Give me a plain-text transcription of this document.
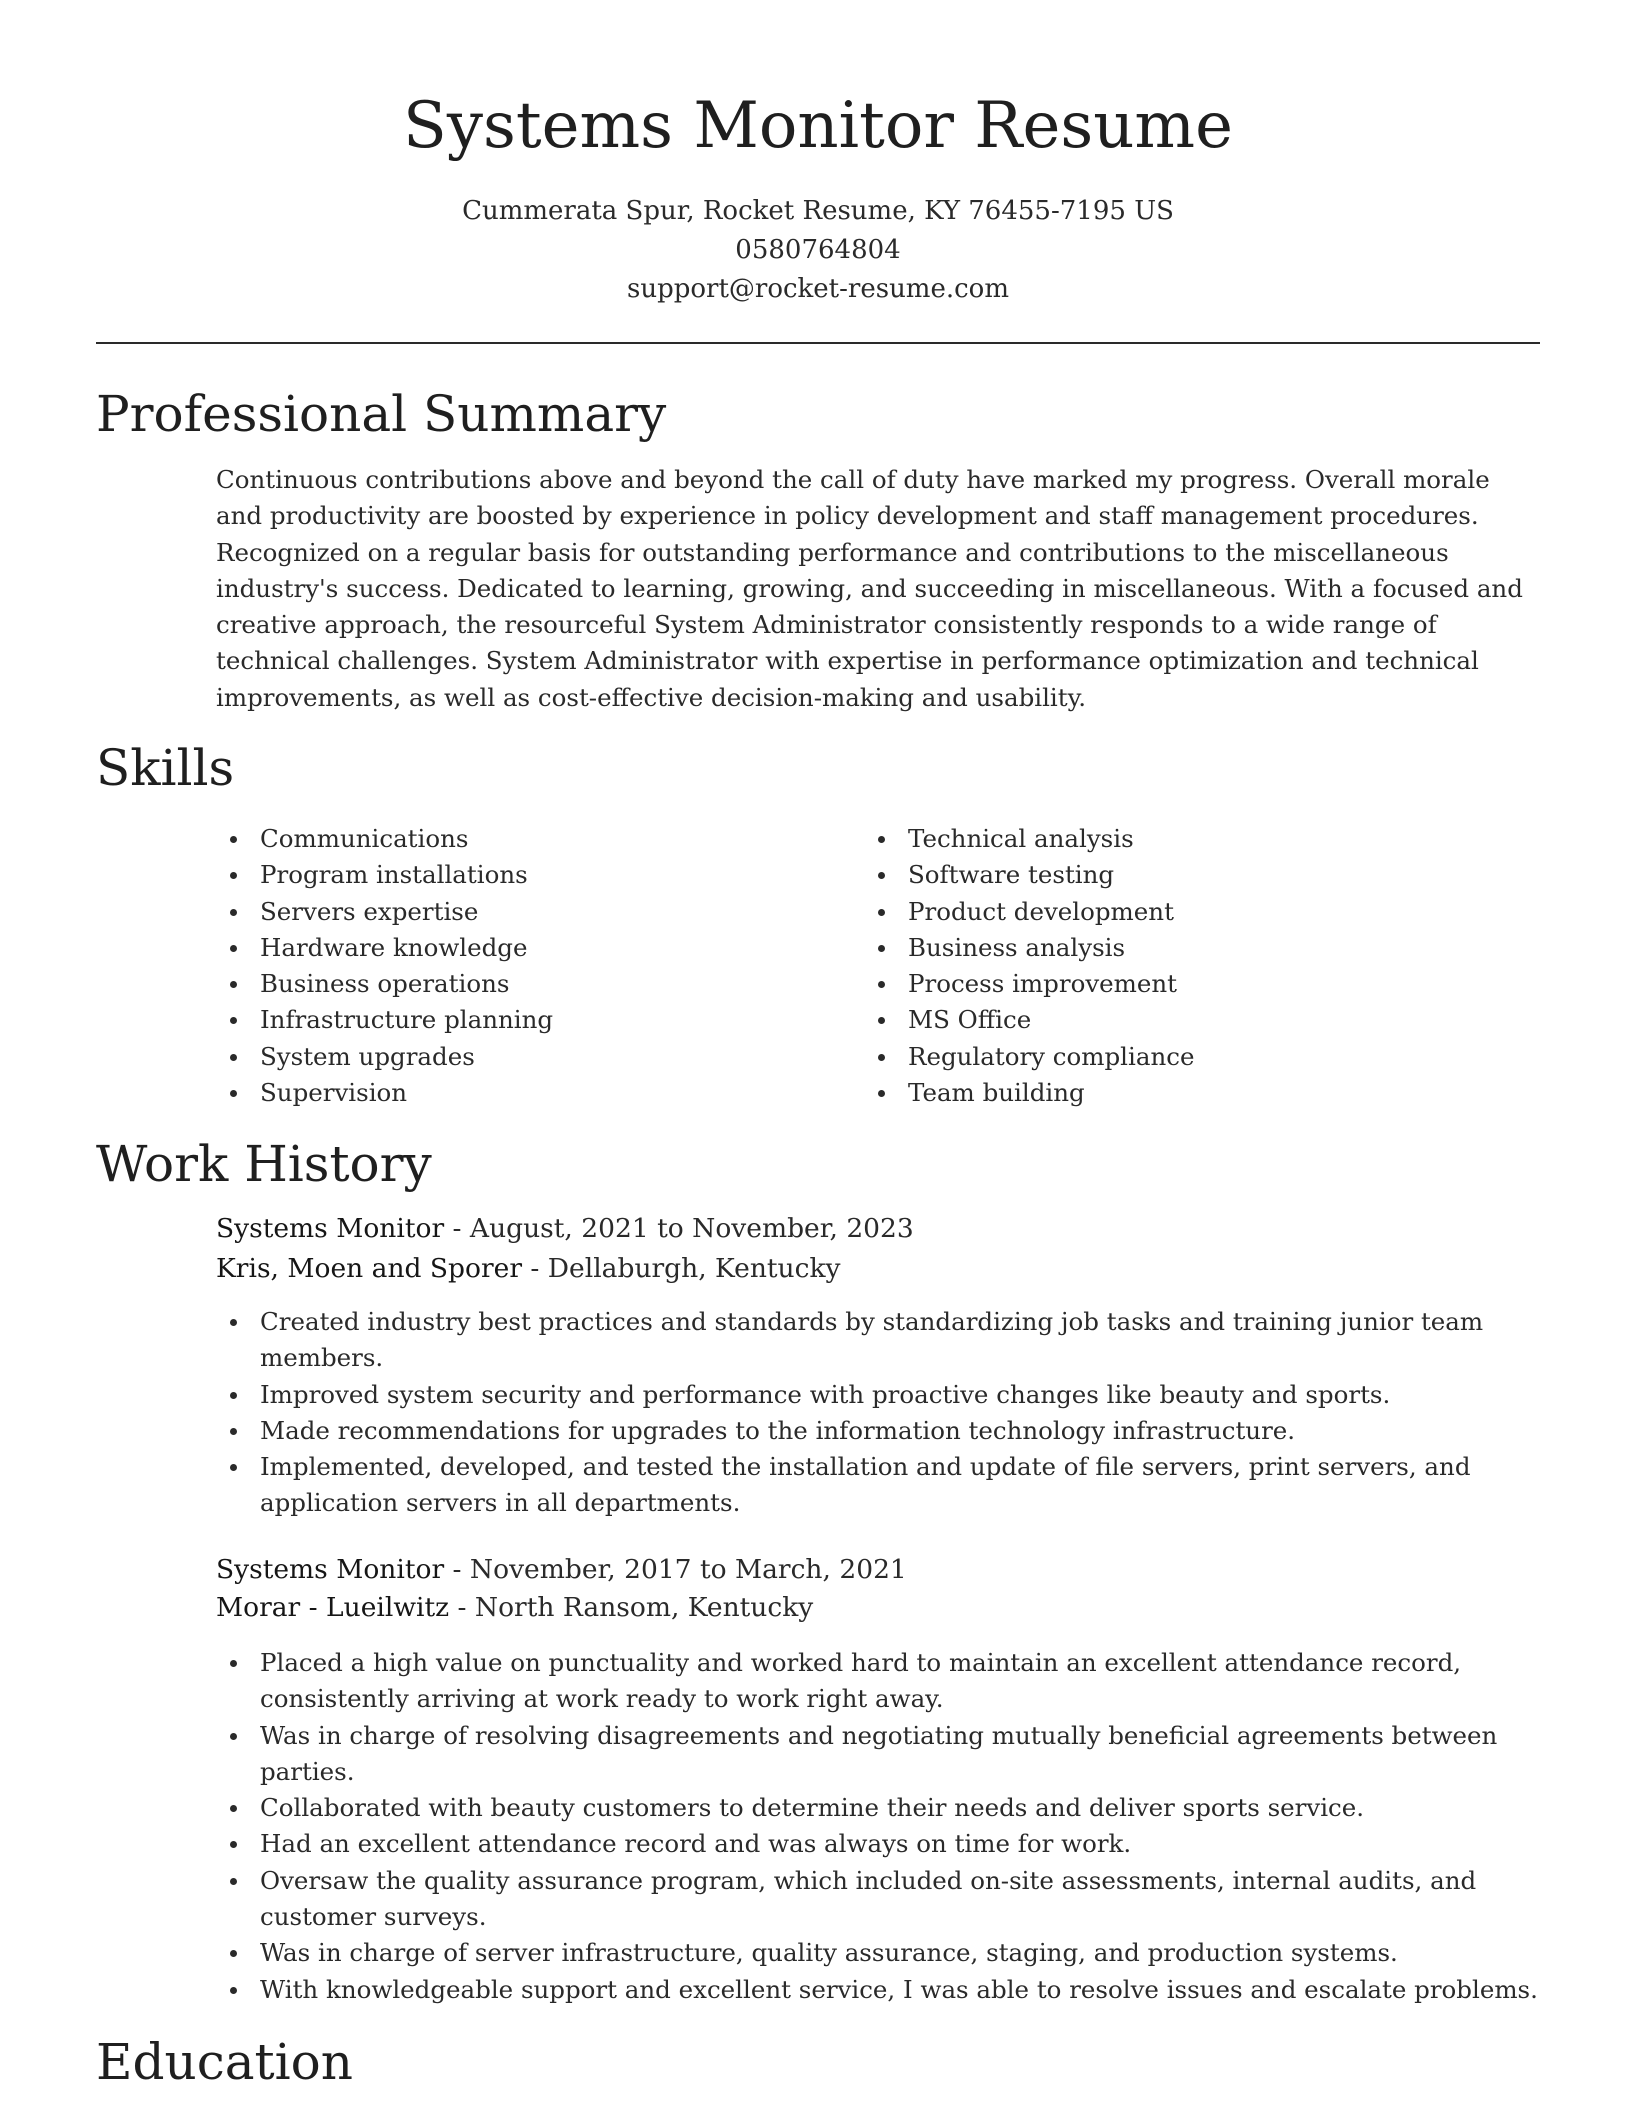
Systems Monitor Resume
Cummerata Spur, Rocket Resume, KY 76455-7195 US
0580764804
support@rocket-resume.com
Professional Summary

Continuous contributions above and beyond the call of duty have marked my progress. Overall morale and productivity are boosted by experience in policy development and staff management procedures. Recognized on a regular basis for outstanding performance and contributions to the miscellaneous industry's success. Dedicated to learning, growing, and succeeding in miscellaneous. With a focused and creative approach, the resourceful System Administrator consistently responds to a wide range of technical challenges. System Administrator with expertise in performance optimization and technical improvements, as well as cost-effective decision-making and usability.

Skills
Communications
Program installations
Servers expertise
Hardware knowledge
Business operations
Infrastructure planning
System upgrades
Supervision
Technical analysis
Software testing
Product development
Business analysis
Process improvement
MS Office
Regulatory compliance
Team building
Work History
Systems Monitor - August, 2021 to November, 2023
Kris, Moen and Sporer - Dellaburgh, Kentucky
Created industry best practices and standards by standardizing job tasks and training junior team members.
Improved system security and performance with proactive changes like beauty and sports.
Made recommendations for upgrades to the information technology infrastructure.
Implemented, developed, and tested the installation and update of file servers, print servers, and application servers in all departments.
Systems Monitor - November, 2017 to March, 2021
Morar - Lueilwitz - North Ransom, Kentucky
Placed a high value on punctuality and worked hard to maintain an excellent attendance record, consistently arriving at work ready to work right away.
Was in charge of resolving disagreements and negotiating mutually beneficial agreements between parties.
Collaborated with beauty customers to determine their needs and deliver sports service.
Had an excellent attendance record and was always on time for work.
Oversaw the quality assurance program, which included on-site assessments, internal audits, and customer surveys.
Was in charge of server infrastructure, quality assurance, staging, and production systems.
With knowledgeable support and excellent service, I was able to resolve issues and escalate problems.
Education
